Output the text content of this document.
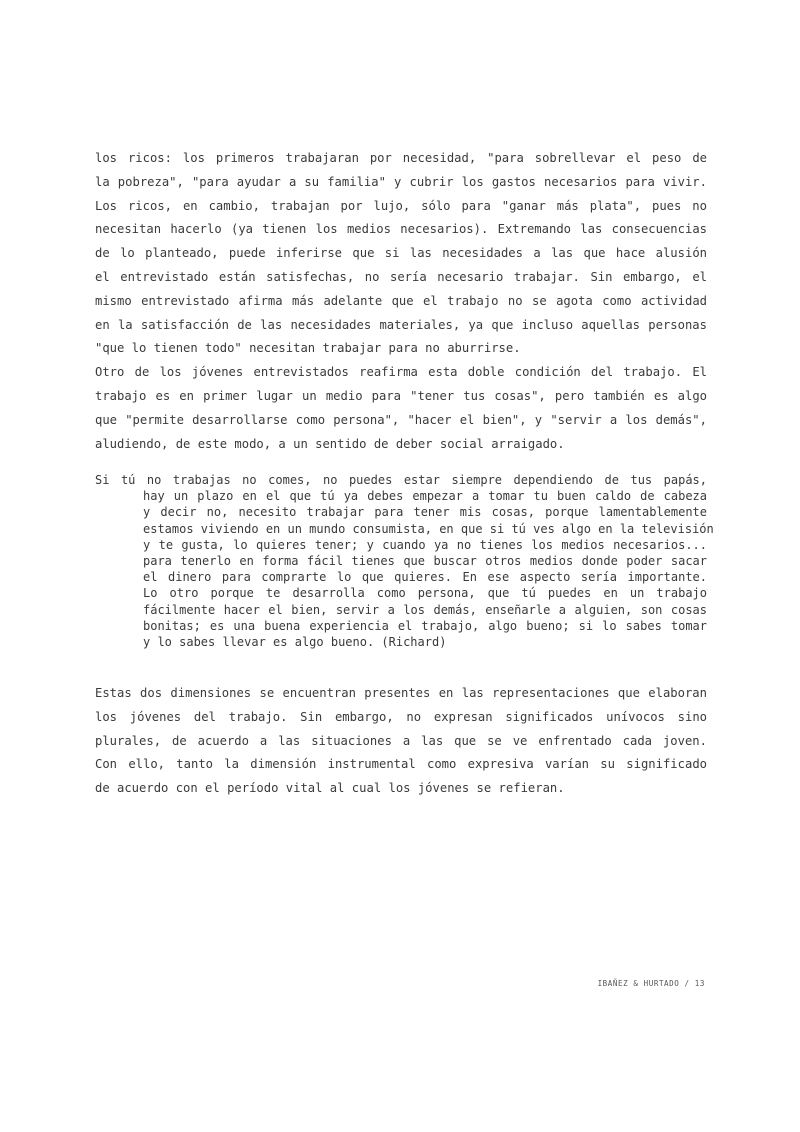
los ricos: los primeros trabajaran por necesidad, "para sobrellevar el peso de
la pobreza", "para ayudar a su familia" y cubrir los gastos necesarios para vivir.
Los ricos, en cambio, trabajan por lujo, sólo para "ganar más plata", pues no
necesitan hacerlo (ya tienen los medios necesarios). Extremando las consecuencias
de lo planteado, puede inferirse que si las necesidades a las que hace alusión
el entrevistado están satisfechas, no sería necesario trabajar. Sin embargo, el
mismo entrevistado afirma más adelante que el trabajo no se agota como actividad
en la satisfacción de las necesidades materiales, ya que incluso aquellas personas
"que lo tienen todo" necesitan trabajar para no aburrirse.
Otro de los jóvenes entrevistados reafirma esta doble condición del trabajo. El
trabajo es en primer lugar un medio para "tener tus cosas", pero también es algo
que "permite desarrollarse como persona", "hacer el bien", y "servir a los demás",
aludiendo, de este modo, a un sentido de deber social arraigado.
Si tú no trabajas no comes, no puedes estar siempre dependiendo de tus papás,
hay un plazo en el que tú ya debes empezar a tomar tu buen caldo de cabeza
y decir no, necesito trabajar para tener mis cosas, porque lamentablemente
estamos viviendo en un mundo consumista, en que si tú ves algo en la televisión
y te gusta, lo quieres tener; y cuando ya no tienes los medios necesarios...
para tenerlo en forma fácil tienes que buscar otros medios donde poder sacar
el dinero para comprarte lo que quieres. En ese aspecto sería importante.
Lo otro porque te desarrolla como persona, que tú puedes en un trabajo
fácilmente hacer el bien, servir a los demás, enseñarle a alguien, son cosas
bonitas; es una buena experiencia el trabajo, algo bueno; si lo sabes tomar
y lo sabes llevar es algo bueno. (Richard)
Estas dos dimensiones se encuentran presentes en las representaciones que elaboran
los jóvenes del trabajo. Sin embargo, no expresan significados unívocos sino
plurales, de acuerdo a las situaciones a las que se ve enfrentado cada joven.
Con ello, tanto la dimensión instrumental como expresiva varían su significado
de acuerdo con el período vital al cual los jóvenes se refieran.
IBAÑEZ & HURTADO / 13
